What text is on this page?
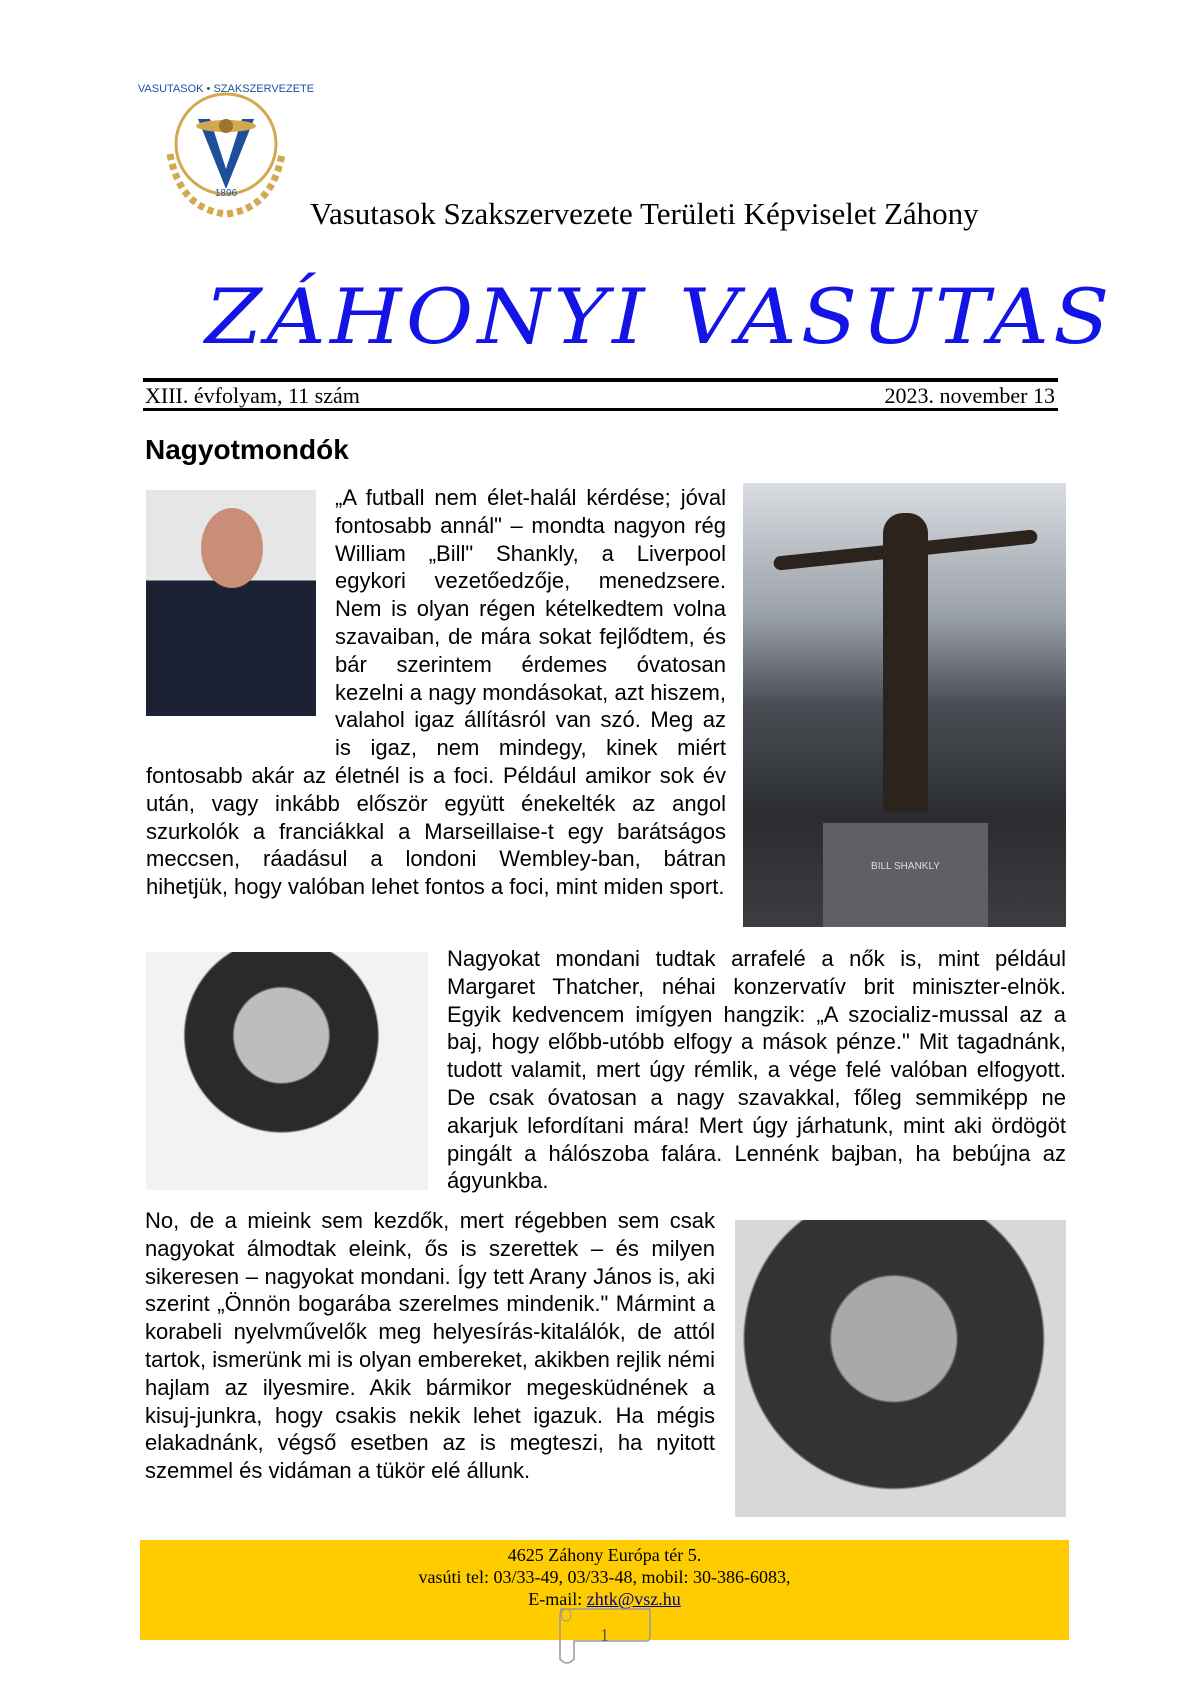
VASUTASOK • SZAKSZERVEZETE
1896
Vasutasok Szakszervezete Területi Képviselet Záhony
ZÁHONYI VASUTAS
XIII. évfolyam, 11 szám	2023. november 13
Nagyotmondók
„A futball nem élet-halál kérdése; jóval fontosabb annál" – mondta nagyon rég William „Bill" Shankly, a Liverpool egykori vezetőedzője, menedzsere. Nem is olyan régen kételkedtem volna szavaiban, de mára sokat fejlődtem, és bár szerintem érdemes óvatosan kezelni a nagy mondásokat, azt hiszem, valahol igaz állításról van szó. Meg az is igaz, nem mindegy, kinek miért fontosabb akár az életnél is a foci. Például amikor sok év után, vagy inkább először együtt énekelték az angol szurkolók a franciákkal a Marseillaise-t egy barátságos meccsen, ráadásul a londoni Wembley-ban, bátran hihetjük, hogy valóban lehet fontos a foci, mint miden sport.
BILL SHANKLY
Nagyokat mondani tudtak arrafelé a nők is, mint például Margaret Thatcher, néhai konzervatív brit miniszter-elnök. Egyik kedvencem imígyen hangzik: „A szocializ-mussal az a baj, hogy előbb-utóbb elfogy a mások pénze." Mit tagadnánk, tudott valamit, mert úgy rémlik, a vége felé valóban elfogyott. De csak óvatosan a nagy szavakkal, főleg semmiképp ne akarjuk lefordítani mára! Mert úgy járhatunk, mint aki ördögöt pingált a hálószoba falára. Lennénk bajban, ha bebújna az ágyunkba.
No, de a mieink sem kezdők, mert régebben sem csak nagyokat álmodtak eleink, ős is szerettek – és milyen sikeresen – nagyokat mondani. Így tett Arany János is, aki szerint „Önnön bogarába szerelmes mindenik." Mármint a korabeli nyelvművelők meg helyesírás-kitalálók, de attól tartok, ismerünk mi is olyan embereket, akikben rejlik némi hajlam az ilyesmire. Akik bármikor megesküdnének a kisuj-junkra, hogy csakis nekik lehet igazuk. Ha mégis elakadnánk, végső esetben az is megteszi, ha nyitott szemmel és vidáman a tükör elé állunk.
4625 Záhony Európa tér 5.
vasúti tel: 03/33-49, 03/33-48, mobil: 30-386-6083,
E-mail: zhtk@vsz.hu
1
